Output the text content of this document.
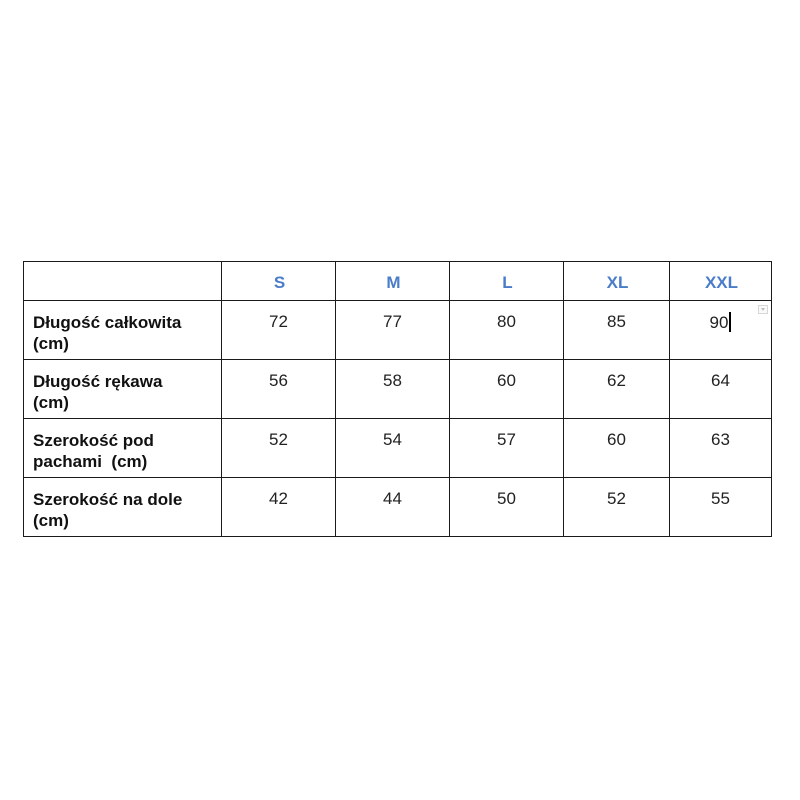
	S	M	L	XL	XXL

Długość całkowita
(cm)	72	77	80	85	90

Długość rękawa
(cm)	56	58	60	62	64

Szerokość pod
pachami  (cm)	52	54	57	60	63

Szerokość na dole
(cm)	42	44	50	52	55
